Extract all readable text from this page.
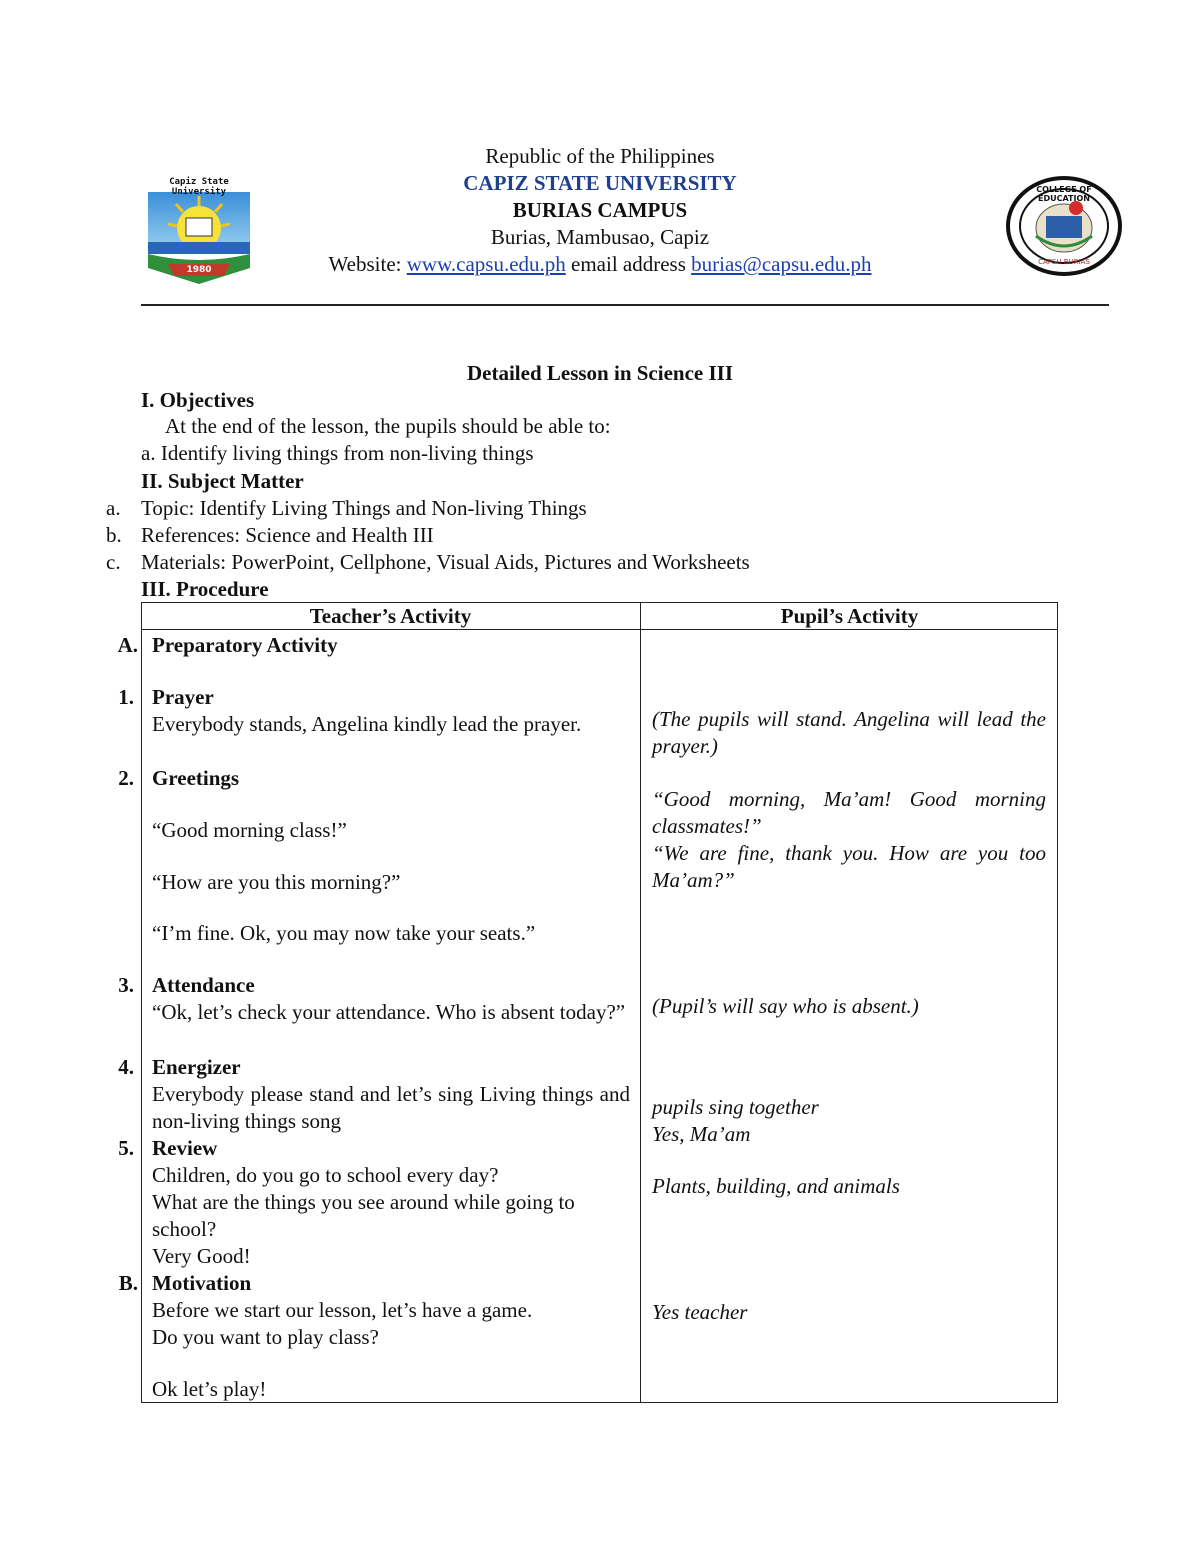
Capiz State University
1980
COLLEGE OF EDUCATION
CAPSU BURIAS
Republic of the Philippines
CAPIZ STATE UNIVERSITY
BURIAS CAMPUS
Burias, Mambusao, Capiz
Website: www.capsu.edu.ph email address burias@capsu.edu.ph
Detailed Lesson in Science III
I. Objectives
At the end of the lesson, the pupils should be able to:
a. Identify living things from non-living things
II. Subject Matter
a. Topic: Identify Living Things and Non-living Things
b. References: Science and Health III
c. Materials: PowerPoint, Cellphone, Visual Aids, Pictures and Worksheets
III. Procedure
Teacher’s Activity	Pupil’s Activity
A. Preparatory Activity
1. Prayer
Everybody stands, Angelina kindly lead the prayer.	(The pupils will stand. Angelina will lead the prayer.)
2. Greetings
“Good morning class!”
“How are you this morning?”
“I’m fine. Ok, you may now take your seats.”
“Good morning, Ma’am! Good morning classmates!”
“We are fine, thank you. How are you too Ma’am?”
3. Attendance
“Ok, let’s check your attendance. Who is absent today?” (Pupil’s will say who is absent.)
4. Energizer
Everybody please stand and let’s sing Living things and non-living things song
pupils sing together
5. Review
Children, do you go to school every day?
What are the things you see around while going to school?
Very Good!
Yes, Ma’am
Plants, building, and animals
B. Motivation
Before we start our lesson, let’s have a game.
Do you want to play class?
Ok let’s play!
Yes teacher
